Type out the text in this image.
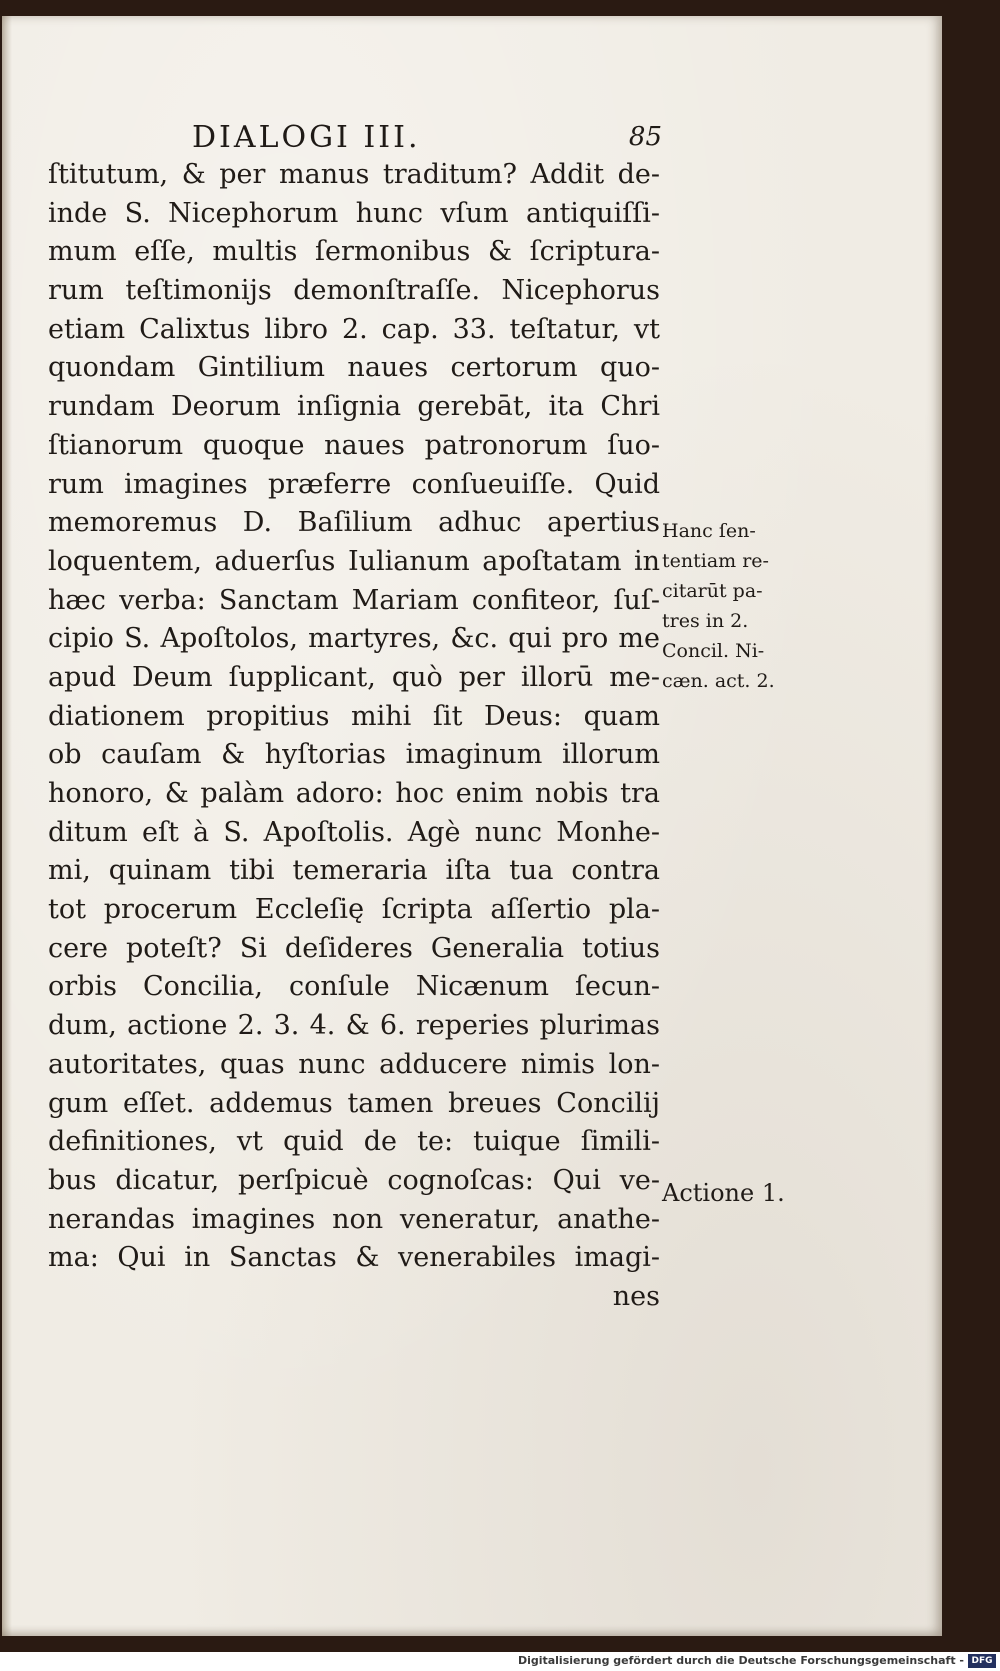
DIALOGI III.	85
ſtitutum, & per manus traditum? Addit de-
inde S. Nicephorum hunc vſum antiquiſſi-
mum eſſe, multis ſermonibus & ſcriptura-
rum teſtimonijs demonſtraſſe. Nicephorus
etiam Calixtus libro 2. cap. 33. teſtatur, vt
quondam Gintilium naues certorum quo-
rundam Deorum inſignia gerebāt, ita Chri
ſtianorum quoque naues patronorum ſuo-
rum imagines præferre conſueuiſſe. Quid
memoremus D. Baſilium adhuc apertius
loquentem, aduerſus Iulianum apoſtatam in
hæc verba: Sanctam Mariam confiteor, ſuſ-
cipio S. Apoſtolos, martyres, &c. qui pro me
apud Deum ſupplicant, quò per illorū me-
diationem propitius mihi ſit Deus: quam
ob cauſam & hyſtorias imaginum illorum
honoro, & palàm adoro: hoc enim nobis tra
ditum eſt à S. Apoſtolis. Agè nunc Monhe-
mi, quinam tibi temeraria iſta tua contra
tot procerum Eccleſię ſcripta aſſertio pla-
cere poteſt? Si deſideres Generalia totius
orbis Concilia, conſule Nicænum ſecun-
dum, actione 2. 3. 4. & 6. reperies plurimas
autoritates, quas nunc adducere nimis lon-
gum eſſet. addemus tamen breues Concilij
definitiones, vt quid de te: tuique ſimili-
bus dicatur, perſpicuè cognoſcas: Qui ve-
nerandas imagines non veneratur, anathe-
ma: Qui in Sanctas & venerabiles imagi-
nes
Hanc ſen-
tentiam re-
citarūt pa-
tres in 2.
Concil. Ni-
cæn. act. 2.
Actione 1.
Digitalisierung gefördert durch die Deutsche Forschungsgemeinschaft - DFG
